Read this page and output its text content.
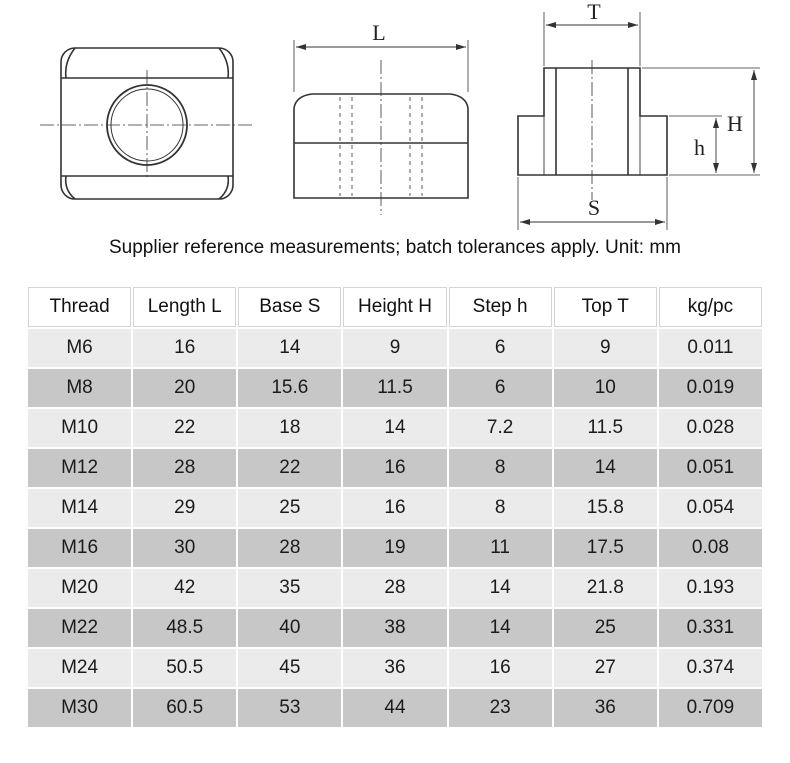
L
T
H
h
S
Supplier reference measurements; batch tolerances apply. Unit: mm
Thread	Length L	Base S	Height H	Step h	Top T	kg/pc
M6	16	14	9	6	9	0.011
M8	20	15.6	11.5	6	10	0.019
M10	22	18	14	7.2	11.5	0.028
M12	28	22	16	8	14	0.051
M14	29	25	16	8	15.8	0.054
M16	30	28	19	11	17.5	0.08
M20	42	35	28	14	21.8	0.193
M22	48.5	40	38	14	25	0.331
M24	50.5	45	36	16	27	0.374
M30	60.5	53	44	23	36	0.709
